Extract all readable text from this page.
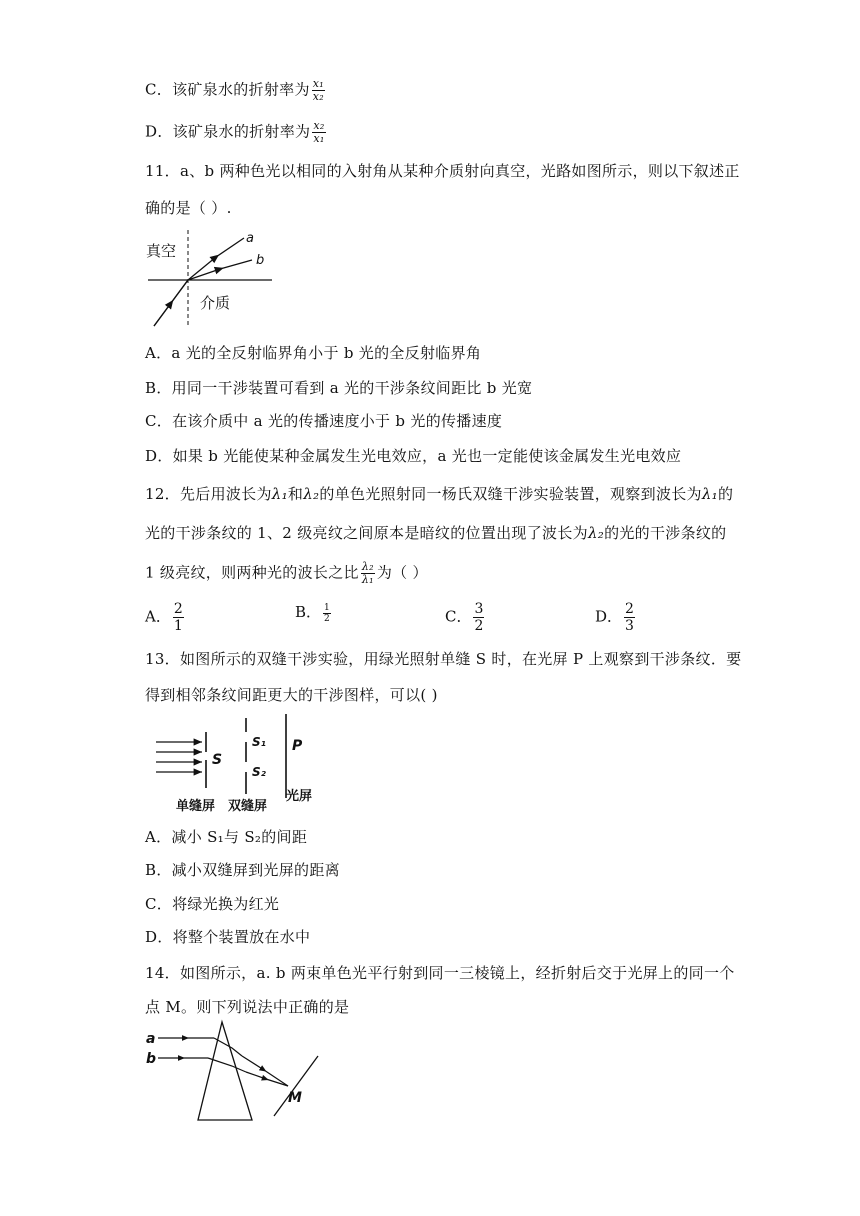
C．该矿泉水的折射率为 $\frac{\text{x₁}}{\text{x₂}}$
D．该矿泉水的折射率为 $\frac{\text{x₂}}{\text{x₁}}$
11．a、b 两种色光以相同的入射角从某种介质射向真空，光路如图所示，则以下叙述正
确的是（ ）.
真空
介质
a
b
A．a 光的全反射临界角小于 b 光的全反射临界角
B．用同一干涉装置可看到 a 光的干涉条纹间距比 b 光宽
C．在该介质中 a 光的传播速度小于 b 光的传播速度
D．如果 b 光能使某种金属发生光电效应，a 光也一定能使该金属发生光电效应
12．先后用波长为λ₁和λ₂的单色光照射同一杨氏双缝干涉实验装置，观察到波长为λ₁的
光的干涉条纹的 1、2 级亮纹之间原本是暗纹的位置出现了波长为λ₂的光的干涉条纹的
1 级亮纹，则两种光的波长之比 $\frac{\text{λ₂}}{\text{λ₁}}$ 为（ ）
A． $\frac{2}{1}$	B． $\frac{1}{2}$	C． $\frac{3}{2}$	D． $\frac{2}{3}$
13．如图所示的双缝干涉实验，用绿光照射单缝 S 时，在光屏 P 上观察到干涉条纹．要
得到相邻条纹间距更大的干涉图样，可以( )
S
S₁
S₂
P
单缝屏 双缝屏
光屏
A．减小 S₁与 S₂的间距
B．减小双缝屏到光屏的距离
C．将绿光换为红光
D．将整个装置放在水中
14．如图所示，a. b 两束单色光平行射到同一三棱镜上，经折射后交于光屏上的同一个
点 M。则下列说法中正确的是
a
b
M
